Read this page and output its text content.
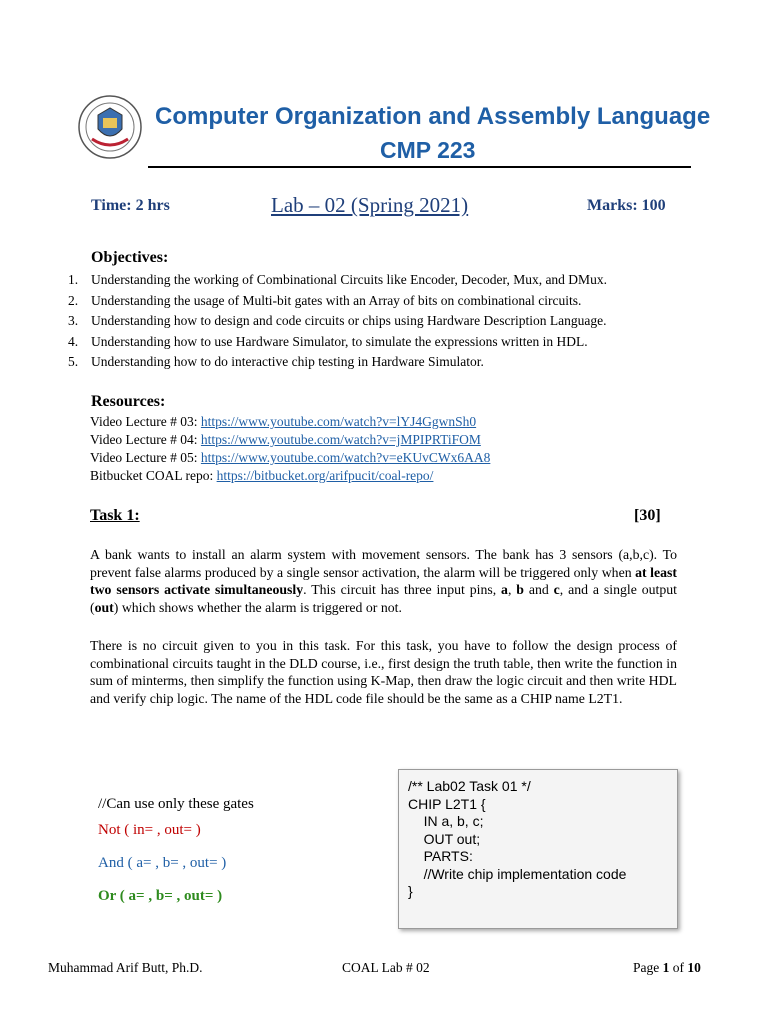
Computer Organization and Assembly Language
CMP 223
Time: 2 hrs	Lab – 02 (Spring 2021)	Marks: 100
Objectives:
1. Understanding the working of Combinational Circuits like Encoder, Decoder, Mux, and DMux.
2. Understanding the usage of Multi-bit gates with an Array of bits on combinational circuits.
3. Understanding how to design and code circuits or chips using Hardware Description Language.
4. Understanding how to use Hardware Simulator, to simulate the expressions written in HDL.
5. Understanding how to do interactive chip testing in Hardware Simulator.
Resources:
Video Lecture # 03: https://www.youtube.com/watch?v=lYJ4GgwnSh0
Video Lecture # 04: https://www.youtube.com/watch?v=jMPIPRTiFOM
Video Lecture # 05: https://www.youtube.com/watch?v=eKUvCWx6AA8
Bitbucket COAL repo: https://bitbucket.org/arifpucit/coal-repo/
Task 1:	[30]
A bank wants to install an alarm system with movement sensors. The bank has 3 sensors (a,b,c). To prevent false alarms produced by a single sensor activation, the alarm will be triggered only when at least two sensors activate simultaneously. This circuit has three input pins, a, b and c, and a single output (out) which shows whether the alarm is triggered or not.
There is no circuit given to you in this task. For this task, you have to follow the design process of combinational circuits taught in the DLD course, i.e., first design the truth table, then write the function in sum of minterms, then simplify the function using K-Map, then draw the logic circuit and then write HDL and verify chip logic. The name of the HDL code file should be the same as a CHIP name L2T1.
//Can use only these gates
Not ( in= , out= )
And ( a= , b= , out= )
Or ( a= , b= , out= )
/** Lab02 Task 01 */
CHIP L2T1 {
	IN a, b, c;
	OUT out;
	PARTS:
	//Write chip implementation code
}
Muhammad Arif Butt, Ph.D.	COAL Lab # 02	Page 1 of 10
